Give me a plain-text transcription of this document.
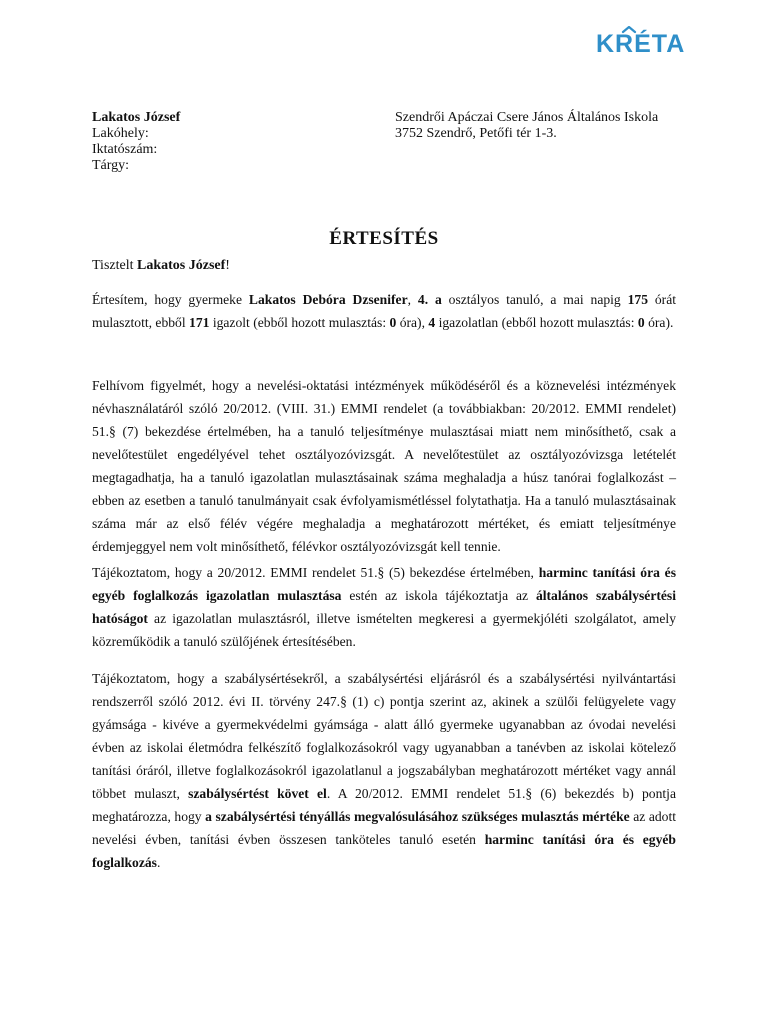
KRÉTA
Lakatos József
Lakóhely:
Iktatószám:
Tárgy:
Szendrői Apáczai Csere János Általános Iskola
3752 Szendrő, Petőfi tér 1-3.
ÉRTESÍTÉS
Tisztelt Lakatos József!
Értesítem, hogy gyermeke Lakatos Debóra Dzsenifer, 4. a osztályos tanuló, a mai napig 175 órát mulasztott, ebből 171 igazolt (ebből hozott mulasztás: 0 óra), 4 igazolatlan (ebből hozott mulasztás: 0 óra).
Felhívom figyelmét, hogy a nevelési-oktatási intézmények működéséről és a köznevelési intézmények névhasználatáról szóló 20/2012. (VIII. 31.) EMMI rendelet (a továbbiakban: 20/2012. EMMI rendelet) 51.§ (7) bekezdése értelmében, ha a tanuló teljesítménye mulasztásai miatt nem minősíthető, csak a nevelőtestület engedélyével tehet osztályozóvizsgát. A nevelőtestület az osztályozóvizsga letételét megtagadhatja, ha a tanuló igazolatlan mulasztásainak száma meghaladja a húsz tanórai foglalkozást – ebben az esetben a tanuló tanulmányait csak évfolyamismétléssel folytathatja. Ha a tanuló mulasztásainak száma már az első félév végére meghaladja a meghatározott mértéket, és emiatt teljesítménye érdemjeggyel nem volt minősíthető, félévkor osztályozóvizsgát kell tennie.
Tájékoztatom, hogy a 20/2012. EMMI rendelet 51.§ (5) bekezdése értelmében, harminc tanítási óra és egyéb foglalkozás igazolatlan mulasztása estén az iskola tájékoztatja az általános szabálysértési hatóságot az igazolatlan mulasztásról, illetve ismételten megkeresi a gyermekjóléti szolgálatot, amely közreműködik a tanuló szülőjének értesítésében.
Tájékoztatom, hogy a szabálysértésekről, a szabálysértési eljárásról és a szabálysértési nyilvántartási rendszerről szóló 2012. évi II. törvény 247.§ (1) c) pontja szerint az, akinek a szülői felügyelete vagy gyámsága - kivéve a gyermekvédelmi gyámsága - alatt álló gyermeke ugyanabban az óvodai nevelési évben az iskolai életmódra felkészítő foglalkozásokról vagy ugyanabban a tanévben az iskolai kötelező tanítási óráról, illetve foglalkozásokról igazolatlanul a jogszabályban meghatározott mértéket vagy annál többet mulaszt, szabálysértést követ el. A 20/2012. EMMI rendelet 51.§ (6) bekezdés b) pontja meghatározza, hogy a szabálysértési tényállás megvalósulásához szükséges mulasztás mértéke az adott nevelési évben, tanítási évben összesen tanköteles tanuló esetén harminc tanítási óra és egyéb foglalkozás.
